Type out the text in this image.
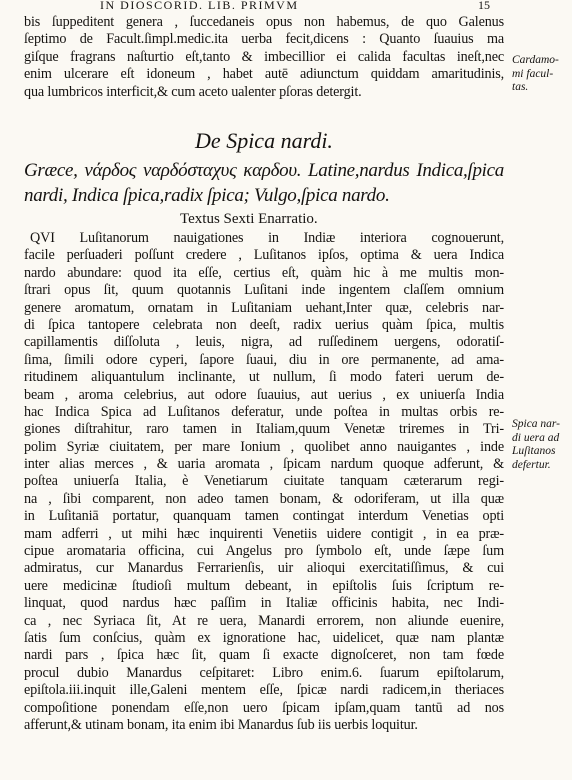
IN DIOSCORID. LIB. PRIMVM	15
bis ſuppeditent genera , ſuccedaneis opus non habemus, de quo Galenus
ſeptimo de Facult.ſimpl.medic.ita uerba fecit,dicens : Quanto ſuauius ma
giſque fragrans naſturtio eſt,tanto & imbecillior ei calida facultas ineſt,nec
enim ulcerare eſt idoneum , habet autē adiunctum quiddam amaritudinis,
qua lumbricos interficit,& cum aceto ualenter pſoras detergit.
Cardamo-
mi facul-
tas.
De Spica nardi.
Græce, νάρδος ναρδόσταχυς καρδου. Latine,nardus Indica,ſpica
nardi, Indica ſpica,radix ſpica; Vulgo,ſpica nardo.
Textus Sexti Enarratio.
QVI Luſitanorum nauigationes in Indiæ interiora cognouerunt,
facile perſuaderi poſſunt credere , Luſitanos ipſos, optima & uera Indica
nardo abundare: quod ita eſſe, certius eſt, quàm hic à me multis mon-
ſtrari opus ſit, quum quotannis Luſitani inde ingentem claſſem omnium
genere aromatum, ornatam in Luſitaniam uehant,Inter quæ, celebris nar-
di ſpica tantopere celebrata non deeſt, radix uerius quàm ſpica, multis
capillamentis diſſoluta , leuis, nigra, ad ruſſedinem uergens, odoratiſ-
ſima, ſimili odore cyperi, ſapore ſuaui, diu in ore permanente, ad ama-
ritudinem aliquantulum inclinante, ut nullum, ſi modo fateri uerum de-
beam , aroma celebrius, aut odore ſuauius, aut uerius , ex uniuerſa India
hac Indica Spica ad Luſitanos deferatur, unde poſtea in multas orbis re-
giones diſtrahitur, raro tamen in Italiam,quum Venetæ triremes in Tri-
polim Syriæ ciuitatem, per mare Ionium , quolibet anno nauigantes , inde
inter alias merces , & uaria aromata , ſpicam nardum quoque adferunt, &
poſtea uniuerſa Italia, è Venetiarum ciuitate tanquam cæterarum regi-
na , ſibi comparent, non adeo tamen bonam, & odoriferam, ut illa quæ
in Luſitaniā portatur, quanquam tamen contingat interdum Venetias opti
mam adferri , ut mihi hæc inquirenti Venetiis uidere contigit , in ea præ-
cipue aromataria officina, cui Angelus pro ſymbolo eſt, unde ſæpe ſum
admiratus, cur Manardus Ferrarienſis, uir alioqui exercitatiſſimus, & cui
uere medicinæ ſtudioſi multum debeant, in epiſtolis ſuis ſcriptum re-
linquat, quod nardus hæc paſſim in Italiæ officinis habita, nec Indi-
ca , nec Syriaca ſit, At re uera, Manardi errorem, non aliunde euenire,
ſatis ſum conſcius, quàm ex ignoratione hac, uidelicet, quæ nam plantæ
nardi pars , ſpica hæc ſit, quam ſi exacte dignoſceret, non tam fœde
procul dubio Manardus ceſpitaret: Libro enim.6. ſuarum epiſtolarum,
epiſtola.iii.inquit ille,Galeni mentem eſſe, ſpicæ nardi radicem,in theriaces
compoſitione ponendam eſſe,non uero ſpicam ipſam,quam tantū ad nos
afferunt,& utinam bonam, ita enim ibi Manardus ſub iis uerbis loquitur.
Spica nar-
di uera ad
Luſitanos
defertur.
